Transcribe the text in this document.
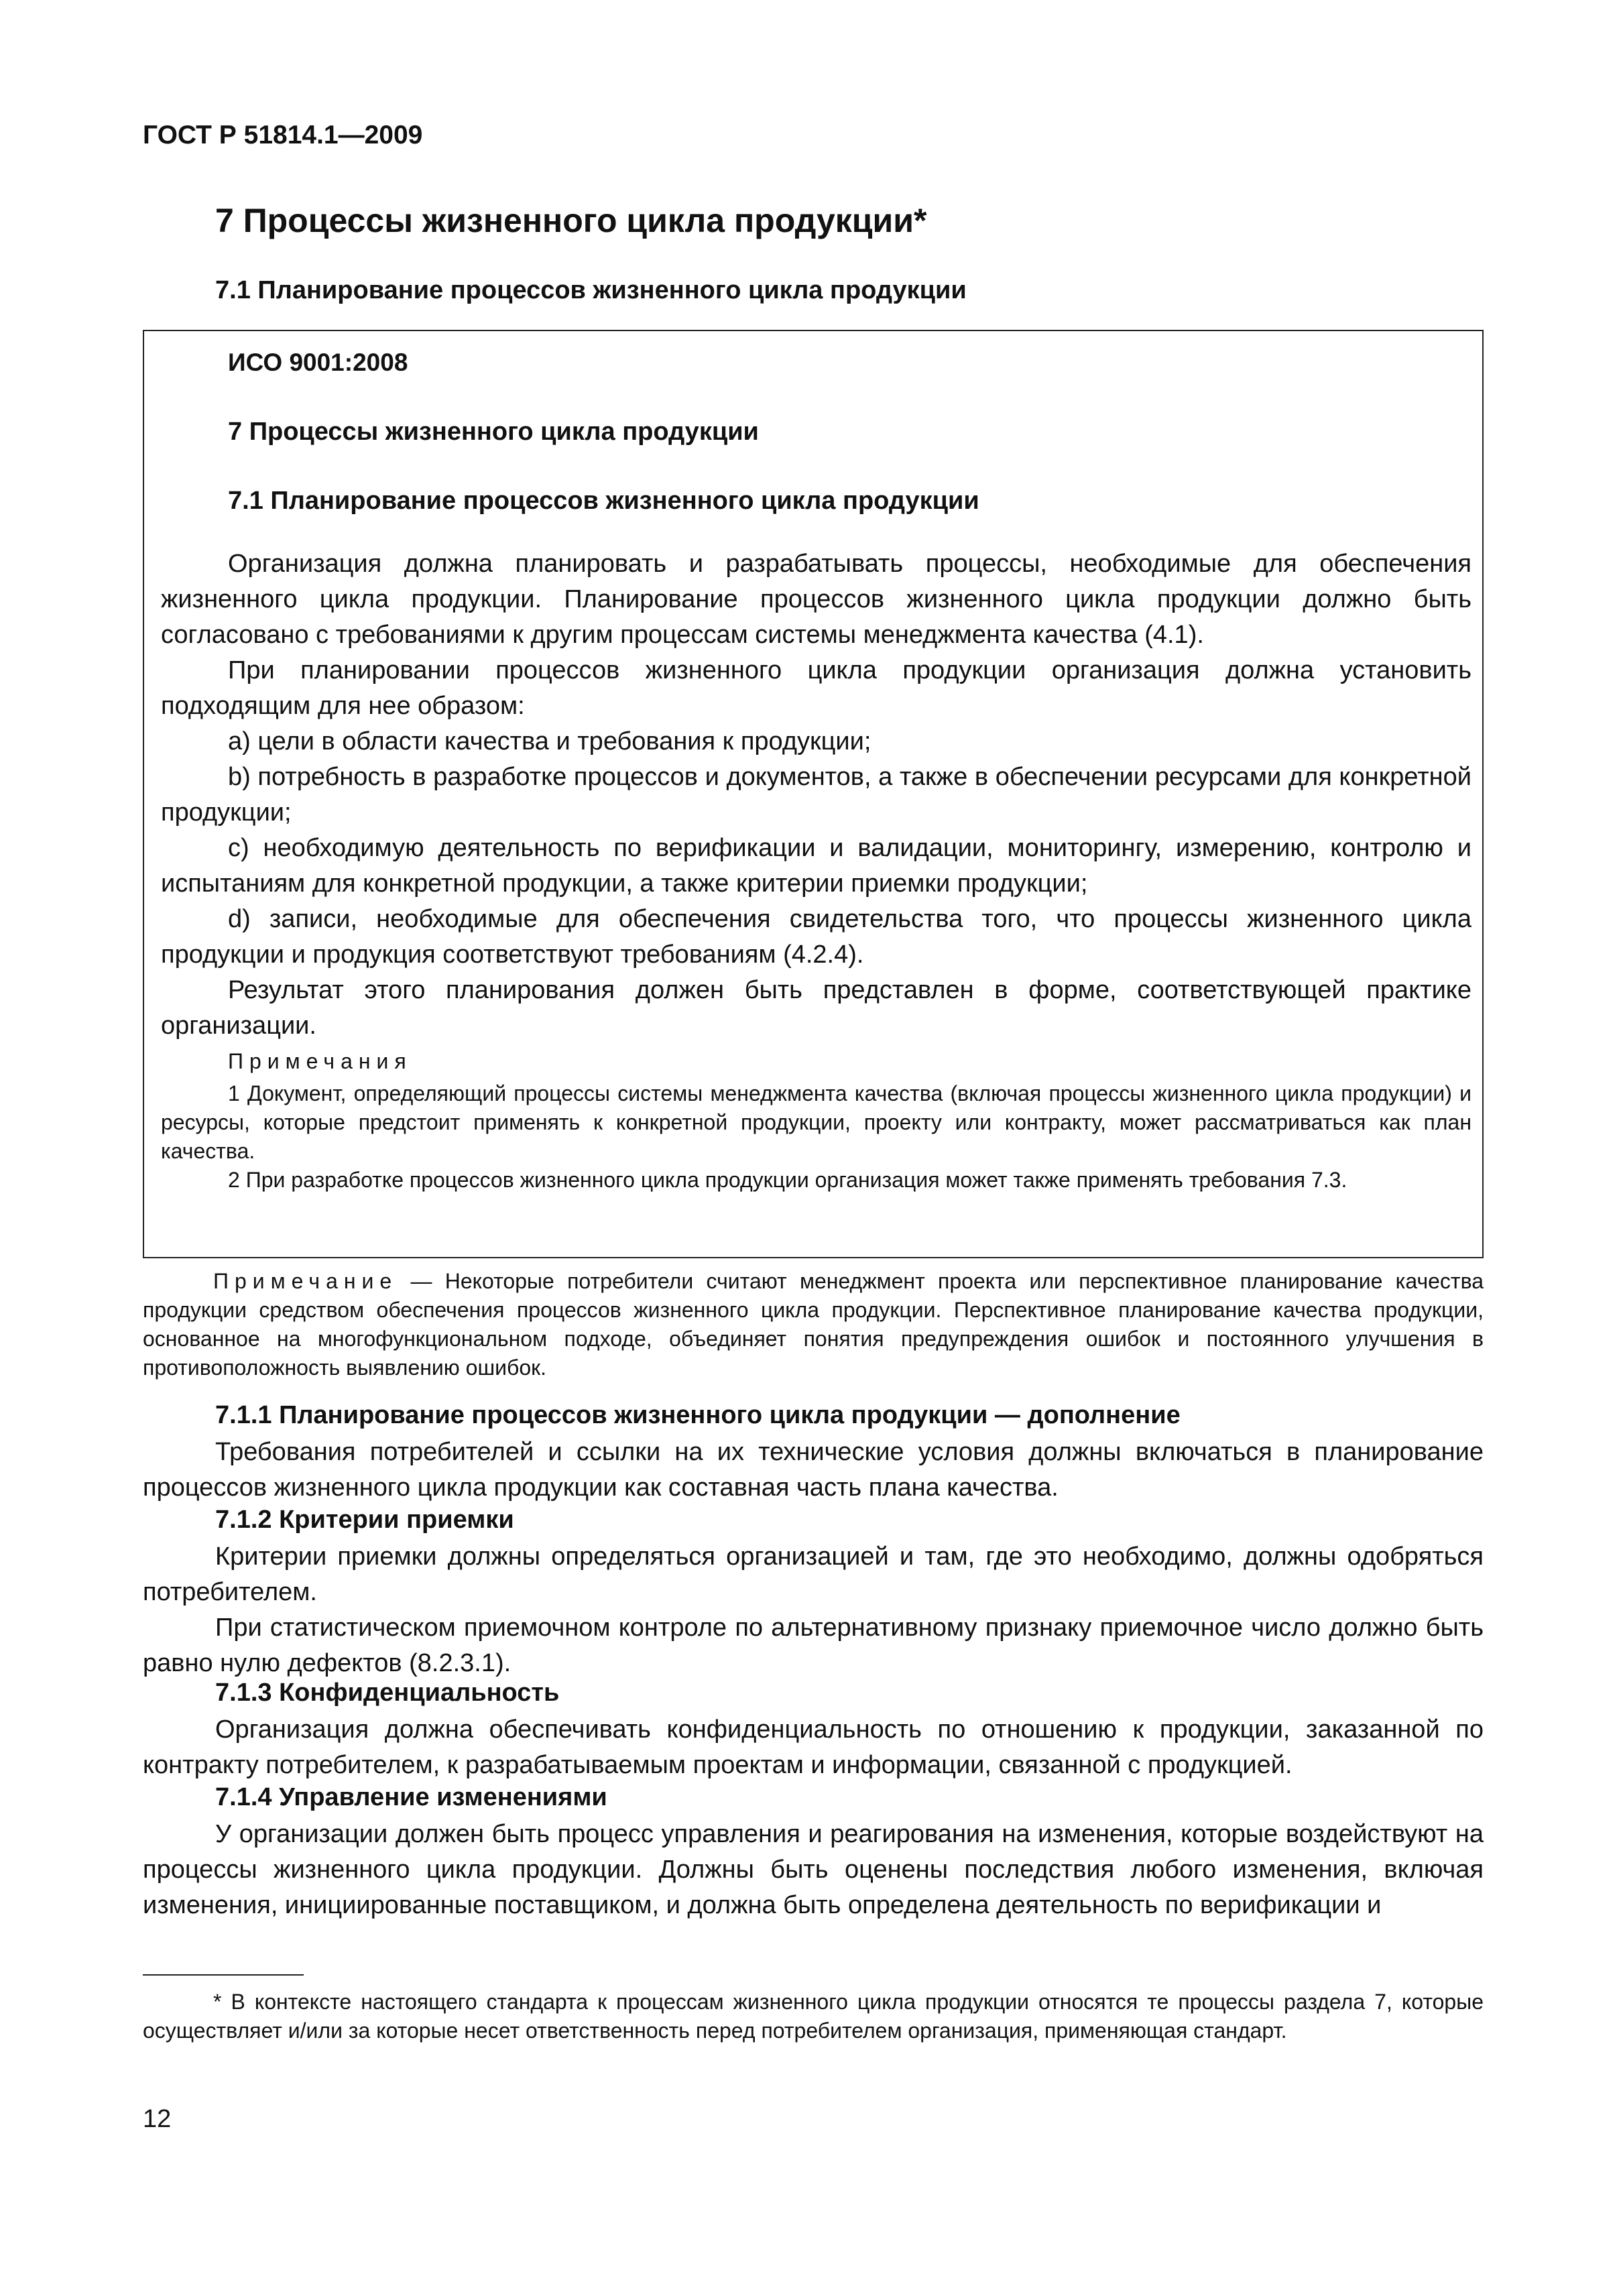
ГОСТ Р 51814.1—2009
7 Процессы жизненного цикла продукции*
7.1 Планирование процессов жизненного цикла продукции
ИСО 9001:2008
7 Процессы жизненного цикла продукции
7.1 Планирование процессов жизненного цикла продукции

Организация должна планировать и разрабатывать процессы, необходимые для обеспечения жизненного цикла продукции. Планирование процессов жизненного цикла продукции должно быть согласовано с требованиями к другим процессам системы менеджмента качества (4.1).

При планировании процессов жизненного цикла продукции организация должна установить подходящим для нее образом:

a) цели в области качества и требования к продукции;

b) потребность в разработке процессов и документов, а также в обеспечении ресурсами для конкретной продукции;

c) необходимую деятельность по верификации и валидации, мониторингу, измерению, контролю и испытаниям для конкретной продукции, а также критерии приемки продукции;

d) записи, необходимые для обеспечения свидетельства того, что процессы жизненного цикла продукции и продукция соответствуют требованиям (4.2.4).

Результат этого планирования должен быть представлен в форме, соответствующей практике организации.

Примечания

1 Документ, определяющий процессы системы менеджмента качества (включая процессы жизненного цикла продукции) и ресурсы, которые предстоит применять к конкретной продукции, проекту или контракту, может рассматриваться как план качества.

2 При разработке процессов жизненного цикла продукции организация может также применять требования 7.3.

Примечание — Некоторые потребители считают менеджмент проекта или перспективное планирование качества продукции средством обеспечения процессов жизненного цикла продукции. Перспективное планирование качества продукции, основанное на многофункциональном подходе, объединяет понятия предупреждения ошибок и постоянного улучшения в противоположность выявлению ошибок.

7.1.1 Планирование процессов жизненного цикла продукции — дополнение

Требования потребителей и ссылки на их технические условия должны включаться в планирование процессов жизненного цикла продукции как составная часть плана качества.

7.1.2 Критерии приемки

Критерии приемки должны определяться организацией и там, где это необходимо, должны одобряться потребителем.

При статистическом приемочном контроле по альтернативному признаку приемочное число должно быть равно нулю дефектов (8.2.3.1).

7.1.3 Конфиденциальность

Организация должна обеспечивать конфиденциальность по отношению к продукции, заказанной по контракту потребителем, к разрабатываемым проектам и информации, связанной с продукцией.

7.1.4 Управление изменениями

У организации должен быть процесс управления и реагирования на изменения, которые воздействуют на процессы жизненного цикла продукции. Должны быть оценены последствия любого изменения, включая изменения, инициированные поставщиком, и должна быть определена деятельность по верификации и

* В контексте настоящего стандарта к процессам жизненного цикла продукции относятся те процессы раздела 7, которые осуществляет и/или за которые несет ответственность перед потребителем организация, применяющая стандарт.

12
